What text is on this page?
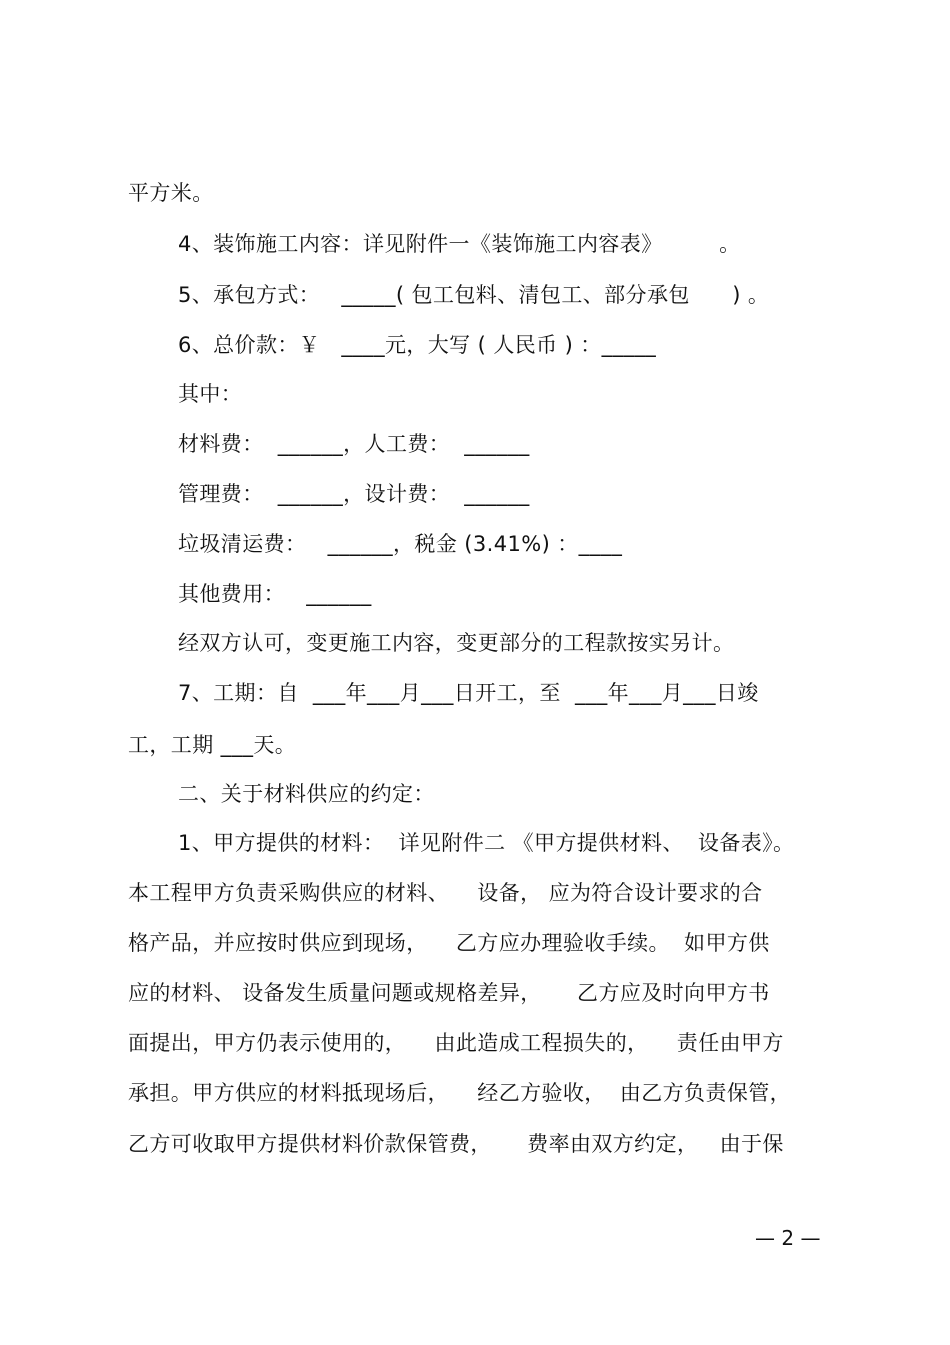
平方米。
4、装饰施工内容：详见附件一《装饰施工内容表》        。
5、承包方式：   _____( 包工包料、清包工、部分承包      ) 。
6、总价款：￥   ____元，大写 ( 人民币 ) ：_____
其中：
材料费：  ______，人工费：  ______
管理费：  ______，设计费：  ______
垃圾清运费：   ______，税金 (3.41%) ：____
其他费用：   ______
经双方认可，变更施工内容，变更部分的工程款按实另计。
7、工期：自  ___年___月___日开工，至  ___年___月___日竣
工，工期 ___天。
二、关于材料供应的约定：
1、甲方提供的材料：  详见附件二 《甲方提供材料、  设备表》。
本工程甲方负责采购供应的材料、    设备， 应为符合设计要求的合
格产品，并应按时供应到现场，    乙方应办理验收手续。  如甲方供
应的材料、 设备发生质量问题或规格差异，     乙方应及时向甲方书
面提出，甲方仍表示使用的，    由此造成工程损失的，    责任由甲方
承担。甲方供应的材料抵现场后，    经乙方验收，  由乙方负责保管，
乙方可收取甲方提供材料价款保管费，     费率由双方约定，   由于保
— 2 —
